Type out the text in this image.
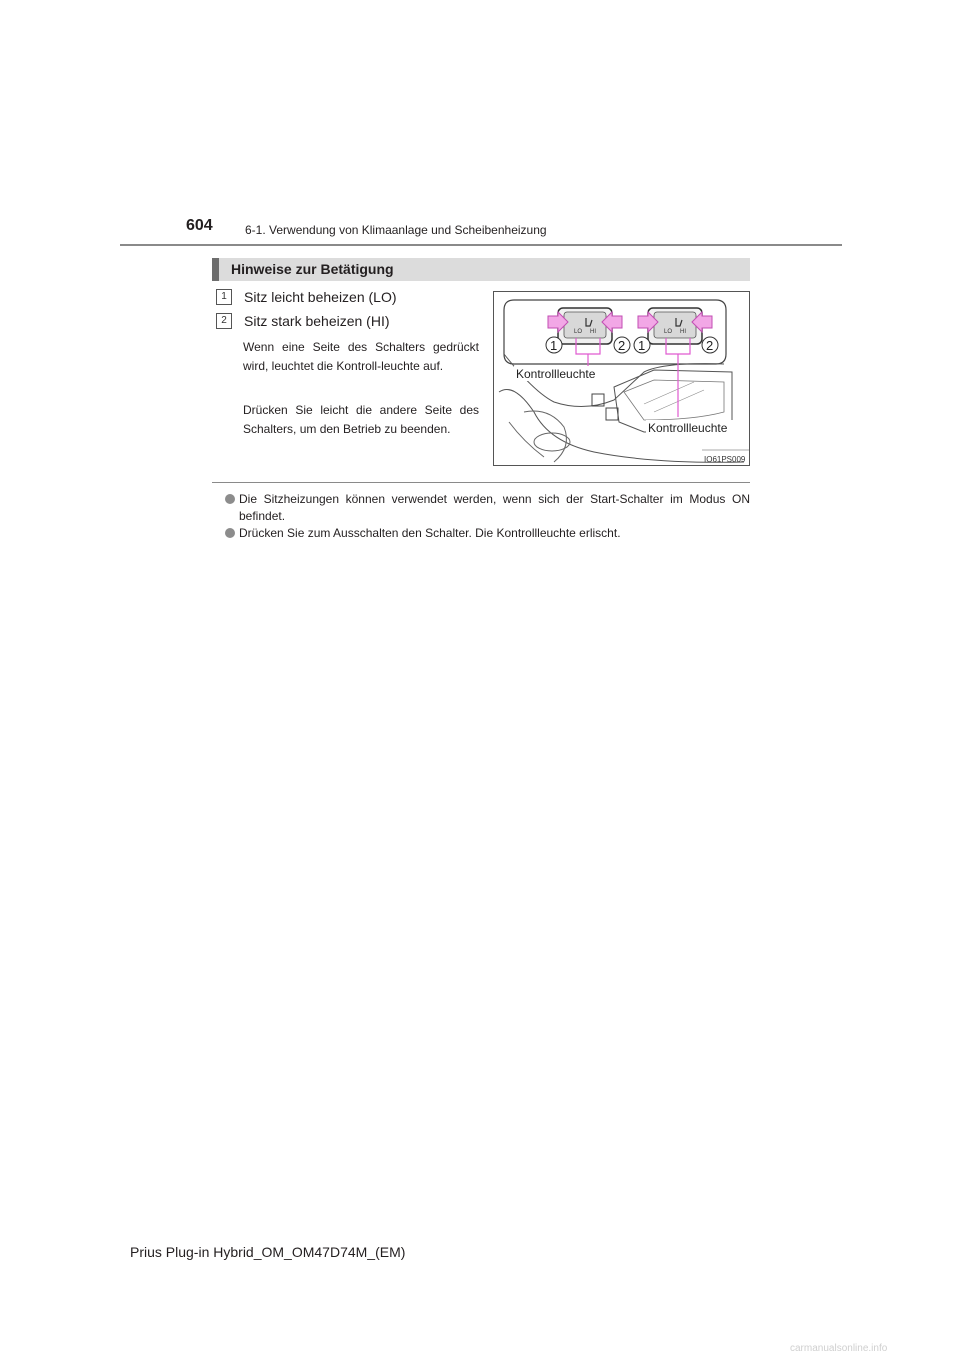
604	6-1. Verwendung von Klimaanlage und Scheibenheizung
Hinweise zur Betätigung
1	Sitz leicht beheizen (LO)
2	Sitz stark beheizen (HI)
Wenn eine Seite des Schalters gedrückt wird, leuchtet die Kontroll-leuchte auf.
Drücken Sie leicht die andere Seite des Schalters, um den Betrieb zu beenden.
LO HI	LO HI
1	2 1	2
Kontrollleuchte
Kontrollleuchte
IO61PS009
Die Sitzheizungen können verwendet werden, wenn sich der Start-Schalter im Modus ON befindet.
Drücken Sie zum Ausschalten den Schalter. Die Kontrollleuchte erlischt.
Prius Plug-in Hybrid_OM_OM47D74M_(EM)
carmanualsonline.info
